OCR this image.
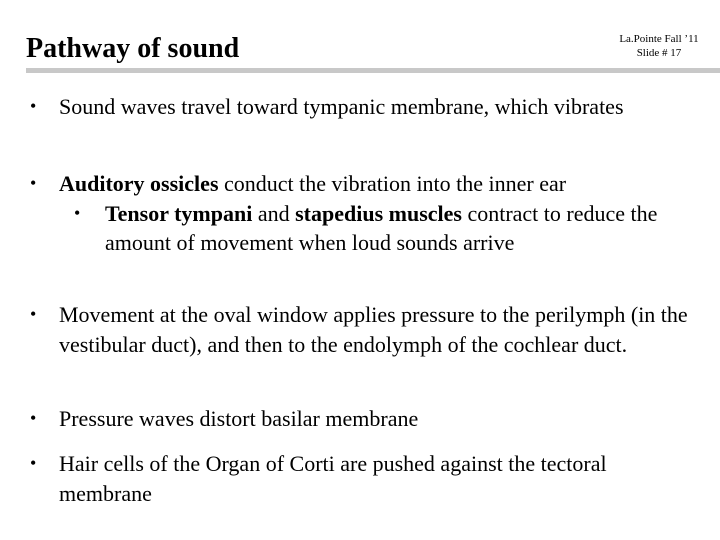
Pathway of sound	La.Pointe Fall ’11
Slide # 17
• Sound waves travel toward tympanic membrane, which vibrates
• Auditory ossicles conduct the vibration into the inner ear
• Tensor tympani and stapedius muscles contract to reduce the amount of movement when loud sounds arrive
• Movement at the oval window applies pressure to the perilymph (in the vestibular duct), and then to the endolymph of the cochlear duct.
• Pressure waves distort basilar membrane
• Hair cells of the Organ of Corti are pushed against the tectoral membrane
